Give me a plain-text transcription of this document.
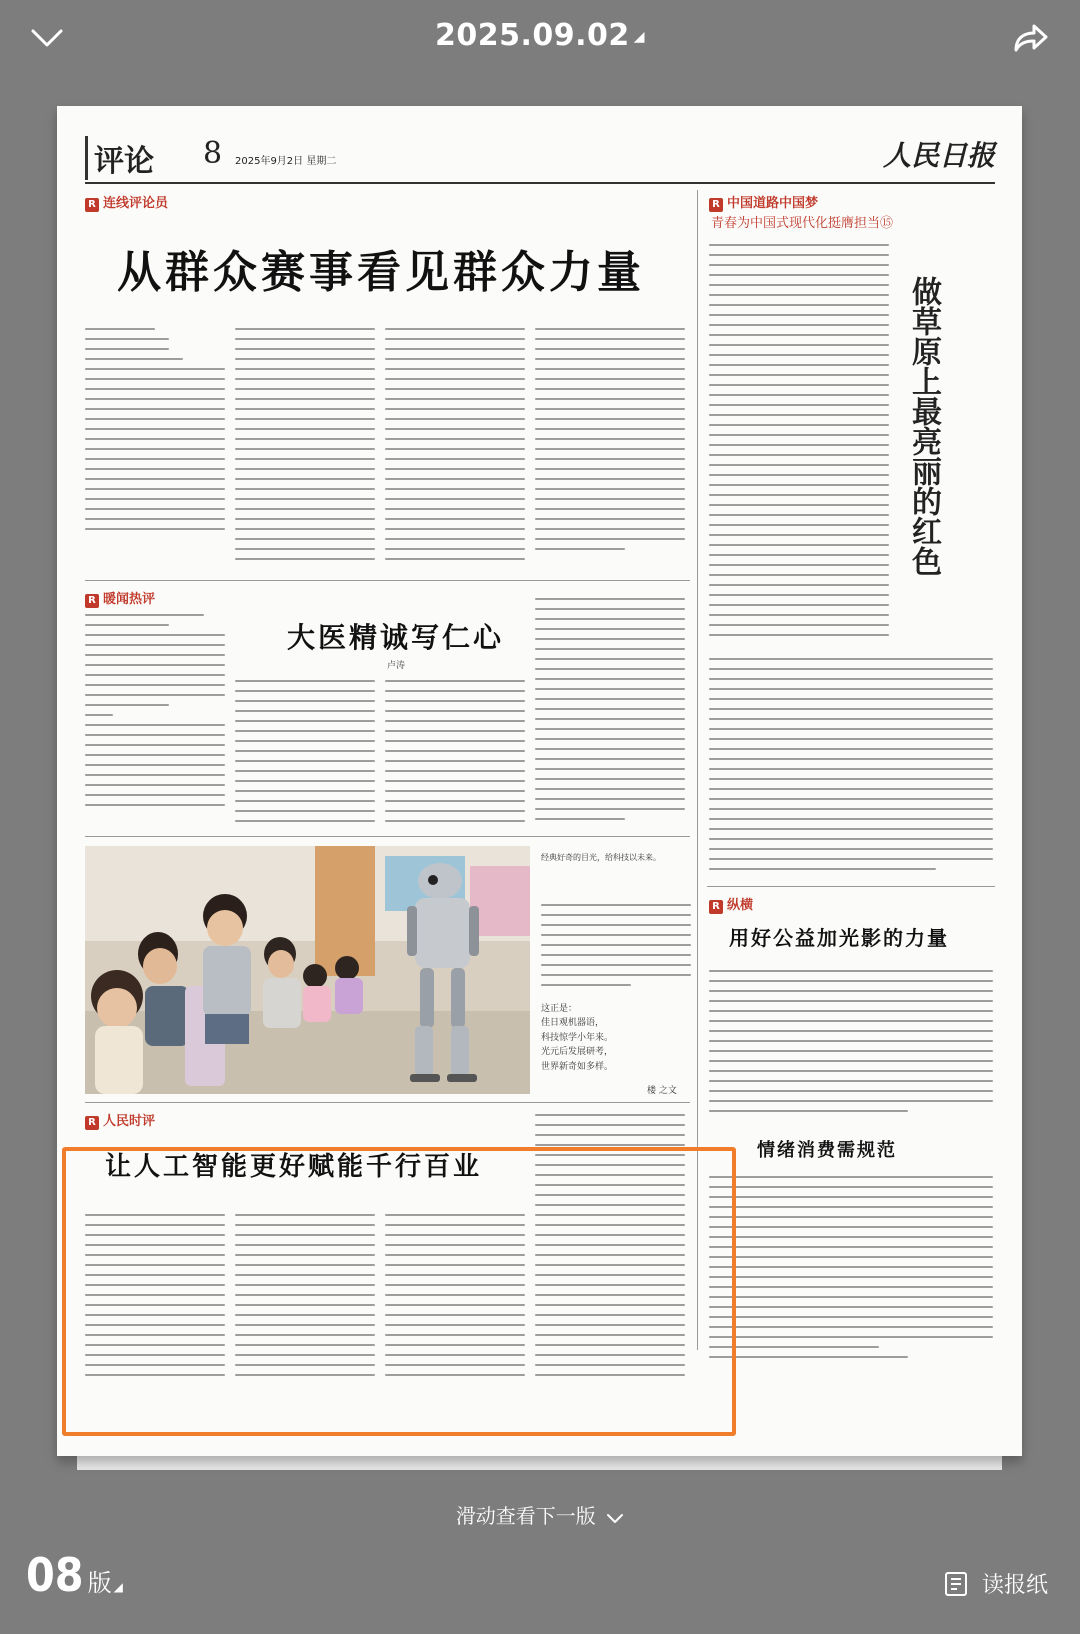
2025.09.02 ◢
评论 8 2025年9月2日 星期二	人民日报
R 连线评论员
从群众赛事看见群众力量
R 暖闻热评
大医精诚写仁心
卢涛
经典好奇的目光，给科技以未来。
这正是：
佳日观机器语，
科技惊学小年来。
光元后发展研考，
世界新奇如多样。
楼 之文
R 人民时评
让人工智能更好赋能千行百业
R 中国道路中国梦
青春为中国式现代化挺膺担当⑮
做草原上最亮丽的红色
R 纵横
用好公益加光影的力量
情绪消费需规范
滑动查看下一版
08 版 ◢	读报纸
